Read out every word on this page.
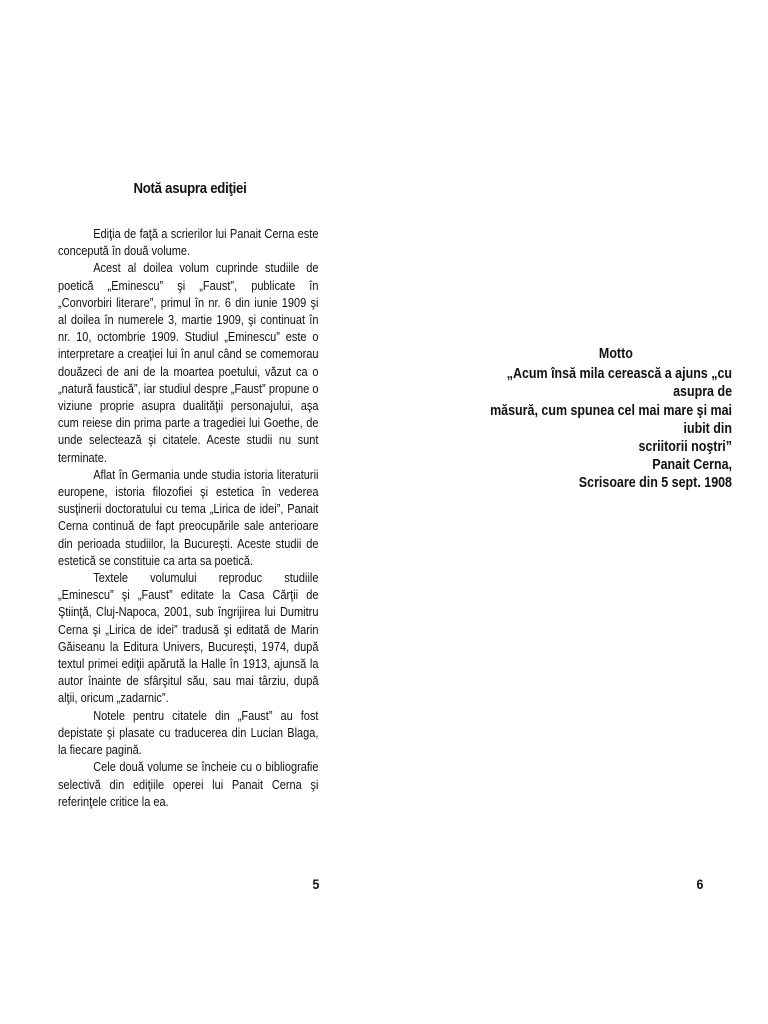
Notă asupra ediţiei

Ediţia de faţă a scrierilor lui Panait Cerna este concepută în două volume.

Acest al doilea volum cuprinde studiile de poetică „Eminescu” şi „Faust”, publicate în „Convorbiri literare”, primul în nr. 6 din iunie 1909 şi al doilea în numerele 3, martie 1909, şi continuat în nr. 10, octombrie 1909. Studiul „Eminescu” este o interpretare a creaţiei lui în anul când se comemorau douăzeci de ani de la moartea poetului, văzut ca o „natură faustică”, iar studiul despre „Faust” propune o viziune proprie asupra dualităţii personajului, aşa cum reiese din prima parte a tragediei lui Goethe, de unde selectează şi citatele. Aceste studii nu sunt terminate.

Aflat în Germania unde studia istoria literaturii europene, istoria filozofiei şi estetica în vederea susţinerii doctoratului cu tema „Lirica de idei”, Panait Cerna continuă de fapt preocupările sale anterioare din perioada studiilor, la Bucureşti. Aceste studii de estetică se constituie ca arta sa poetică.

Textele volumului reproduc studiile „Eminescu” şi „Faust” editate la Casa Cărţii de Ştiinţă, Cluj-Napoca, 2001, sub îngrijirea lui Dumitru Cerna şi „Lirica de idei” tradusă şi editată de Marin Găiseanu la Editura Univers, Bucureşti, 1974, după textul primei ediţii apărută la Halle în 1913, ajunsă la autor înainte de sfârşitul său, sau mai târziu, după alţii, oricum „zadarnic”.

Notele pentru citatele din „Faust” au fost depistate şi plasate cu traducerea din Lucian Blaga, la fiecare pagină.

Cele două volume se încheie cu o bibliografie selectivă din ediţiile operei lui Panait Cerna şi referinţele critice la ea.

5

Motto

„Acum însă mila cerească a ajuns „cu asupra de

măsură, cum spunea cel mai mare şi mai iubit din

scriitorii noştri”

Panait Cerna,

Scrisoare din 5 sept. 1908

6
